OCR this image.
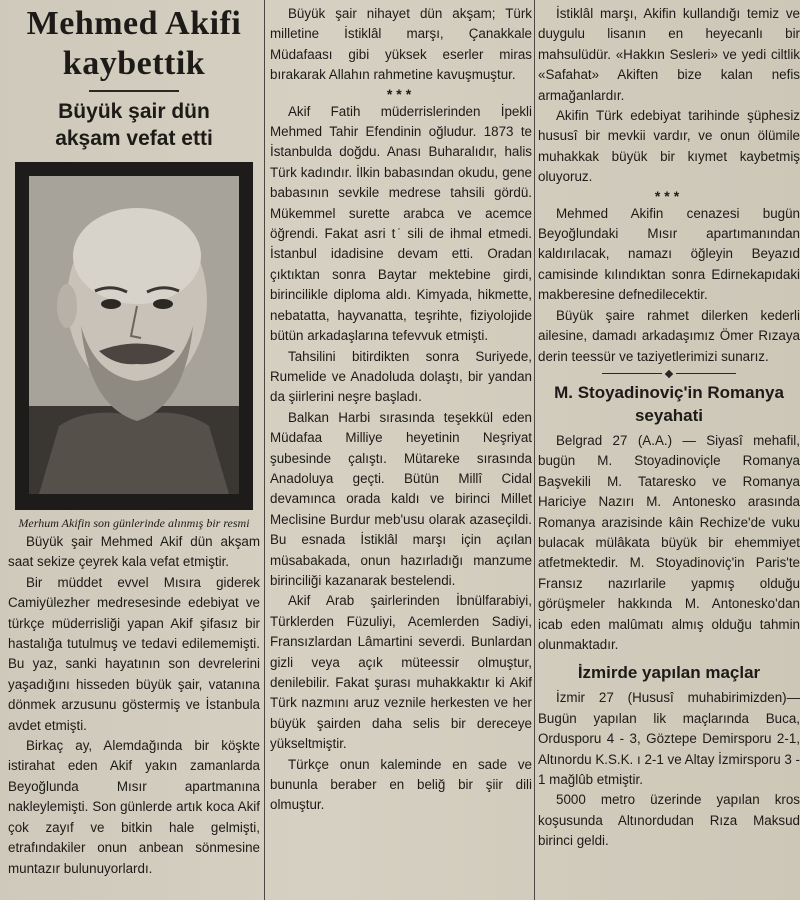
Mehmed Akifi
kaybettik
Büyük şair dün
akşam vefat etti
Merhum Akifin son günlerinde alınmış bir resmi

Büyük şair Mehmed Akif dün akşam saat sekize çeyrek kala vefat etmiştir.

Bir müddet evvel Mısıra giderek Camiyülezher medresesinde edebiyat ve türkçe müderrisliği yapan Akif şifasız bir hastalığa tutulmuş ve tedavi edilememişti. Bu yaz, sanki hayatının son devrelerini yaşadığını hisseden büyük şair, vatanına dönmek arzusunu göstermiş ve İstanbula avdet etmişti.

Birkaç ay, Alemdağında bir köşkte istirahat eden Akif yakın zamanlarda Beyoğlunda Mısır apartmanına nakleylemişti. Son günlerde artık koca Akif çok zayıf ve bitkin hale gelmişti, etrafındakiler onun anbean sönmesine muntazır bulunuyorlardı.

Büyük şair nihayet dün akşam; Türk milletine İstiklâl marşı, Çanakkale Müdafaası gibi yüksek eserler miras bırakarak Allahın rahmetine kavuşmuştur.

***

Akif Fatih müderrislerinden İpekli Mehmed Tahir Efendinin oğludur. 1873 te İstanbulda doğdu. Anası Buharalıdır, halis Türk kadındır. İlkin babasından okudu, gene babasının sevkile medrese tahsili gördü. Mükemmel surette arabca ve acemce öğrendi. Fakat asri t ̇ sili de ihmal etmedi. İstanbul idadisine devam etti. Oradan çıktıktan sonra Baytar mektebine girdi, birincilikle diploma aldı. Kimyada, hikmette, nebatatta, hayvanatta, teşrihte, fiziyolojide bütün arkadaşlarına tefevvuk etmişti.

Tahsilini bitirdikten sonra Suriyede, Rumelide ve Anadoluda dolaştı, bir yandan da şiirlerini neşre başladı.

Balkan Harbi sırasında teşekkül eden Müdafaa Milliye heyetinin Neşriyat şubesinde çalıştı. Mütareke sırasında Anadoluya geçti. Bütün Millî Cidal devamınca orada kaldı ve birinci Millet Meclisine Burdur meb'usu olarak azaseçildi. Bu esnada İstiklâl marşı için açılan müsabakada, onun hazırladığı manzume birinciliği kazanarak bestelendi.

Akif Arab şairlerinden İbnülfarabiyi, Türklerden Füzuliyi, Acemlerden Sadiyi, Fransızlardan Lâmartini severdi. Bunlardan gizli veya açık müteessir olmuştur, denilebilir. Fakat şurası muhakkaktır ki Akif Türk nazmını aruz veznile herkesten ve her büyük şairden daha selis bir dereceye yükseltmiştir.

Türkçe onun kaleminde en sade ve bununla beraber en beliğ bir şiir dili olmuştur.

İstiklâl marşı, Akifin kullandığı temiz ve duygulu lisanın en heyecanlı bir mahsulüdür. «Hakkın Sesleri» ve yedi ciltlik «Safahat» Akiften bize kalan nefis armağanlardır.

Akifin Türk edebiyat tarihinde şüphesiz hususî bir mevkii vardır, ve onun ölümile muhakkak büyük bir kıymet kaybetmiş oluyoruz.

***

Mehmed Akifin cenazesi bugün Beyoğlundaki Mısır apartımanından kaldırılacak, namazı öğleyin Beyazıd camisinde kılındıktan sonra Edirnekapıdaki makberesine defnedilecektir.

Büyük şaire rahmet dilerken kederli ailesine, damadı arkadaşımız Ömer Rızaya derin teessür ve taziyetlerimizi sunarız.

M. Stoyadinoviç'in Romanya
seyahati

Belgrad 27 (A.A.) — Siyasî mehafil, bugün M. Stoyadinoviçle Romanya Başvekili M. Tataresko ve Romanya Hariciye Nazırı M. Antonesko arasında Romanya arazisinde kâin Rechize'de vuku bulacak mülâkata büyük bir ehemmiyet atfetmektedir. M. Stoyadinoviç'in Paris'te Fransız nazırlarile yapmış olduğu görüşmeler hakkında M. Antonesko'dan icab eden malûmatı almış olduğu tahmin olunmaktadır.

İzmirde yapılan maçlar

İzmir 27 (Hususî muhabirimizden)— Bugün yapılan lik maçlarında Buca, Ordusporu 4 - 3, Göztepe Demirsporu 2-1, Altınordu K.S.K. ı 2-1 ve Altay İzmirsporu 3 - 1 mağlûb etmiştir.

5000 metro üzerinde yapılan kros koşusunda Altınordudan Rıza Maksud birinci geldi.
